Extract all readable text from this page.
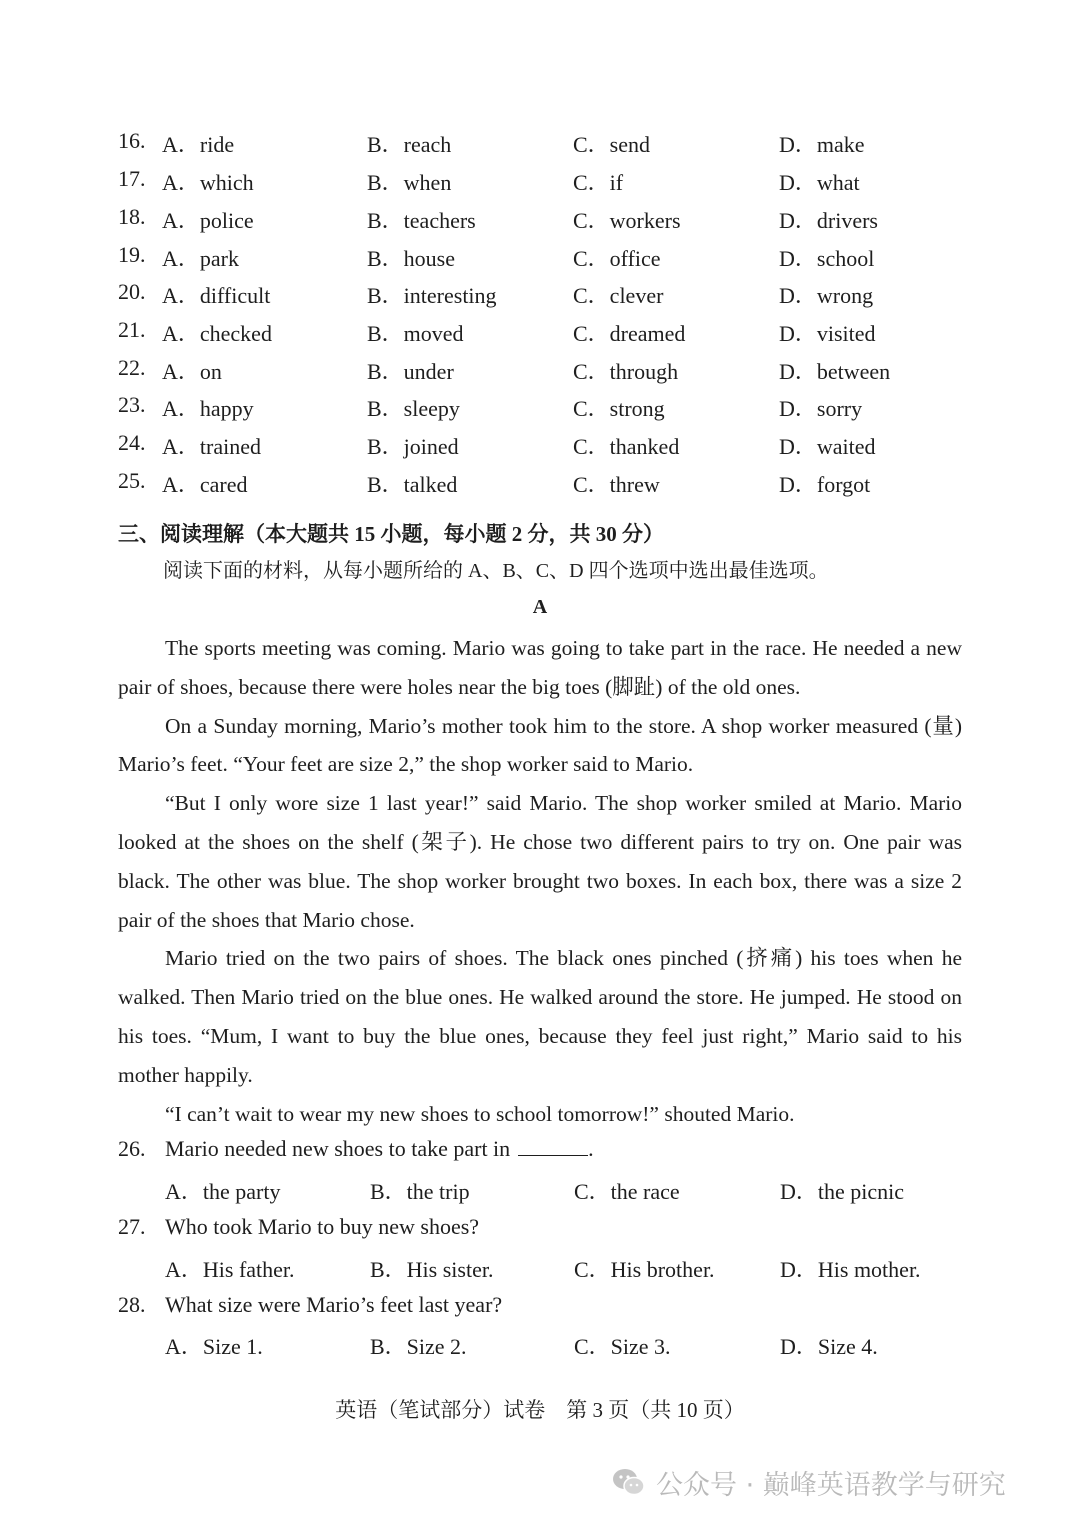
16. A．ride	B．reach	C．send	D．make
17. A．which	B．when	C．if	D．what
18. A．police	B．teachers	C．workers	D．drivers
19. A．park	B．house	C．office	D．school
20. A．difficult	B．interesting	C．clever	D．wrong
21. A．checked	B．moved	C．dreamed	D．visited
22. A．on	B．under	C．through	D．between
23. A．happy	B．sleepy	C．strong	D．sorry
24. A．trained	B．joined	C．thanked	D．waited
25. A．cared	B．talked	C．threw	D．forgot
三、阅读理解（本大题共 15 小题，每小题 2 分，共 30 分）
阅读下面的材料，从每小题所给的 A、B、C、D 四个选项中选出最佳选项。
A

The sports meeting was coming. Mario was going to take part in the race. He needed a new pair of shoes, because there were holes near the big toes (脚趾) of the old ones.

On a Sunday morning, Mario’s mother took him to the store. A shop worker measured (量) Mario’s feet. “Your feet are size 2,” the shop worker said to Mario.

“But I only wore size 1 last year!” said Mario. The shop worker smiled at Mario. Mario looked at the shoes on the shelf (架子). He chose two different pairs to try on. One pair was black. The other was blue. The shop worker brought two boxes. In each box, there was a size 2 pair of the shoes that Mario chose.

Mario tried on the two pairs of shoes. The black ones pinched (挤痛) his toes when he walked. Then Mario tried on the blue ones. He walked around the store. He jumped. He stood on his toes. “Mum, I want to buy the blue ones, because they feel just right,” Mario said to his mother happily.

“I can’t wait to wear my new shoes to school tomorrow!” shouted Mario.

26. Mario needed new shoes to take part in	.
A．the party	B．the trip	C．the race	D．the picnic
27. Who took Mario to buy new shoes?
A．His father.	B．His sister.	C．His brother.	D．His mother.
28. What size were Mario’s feet last year?
A．Size 1.	B．Size 2.	C．Size 3.	D．Size 4.
英语（笔试部分）试卷　第 3 页（共 10 页）
公众号 · 巅峰英语教学与研究
